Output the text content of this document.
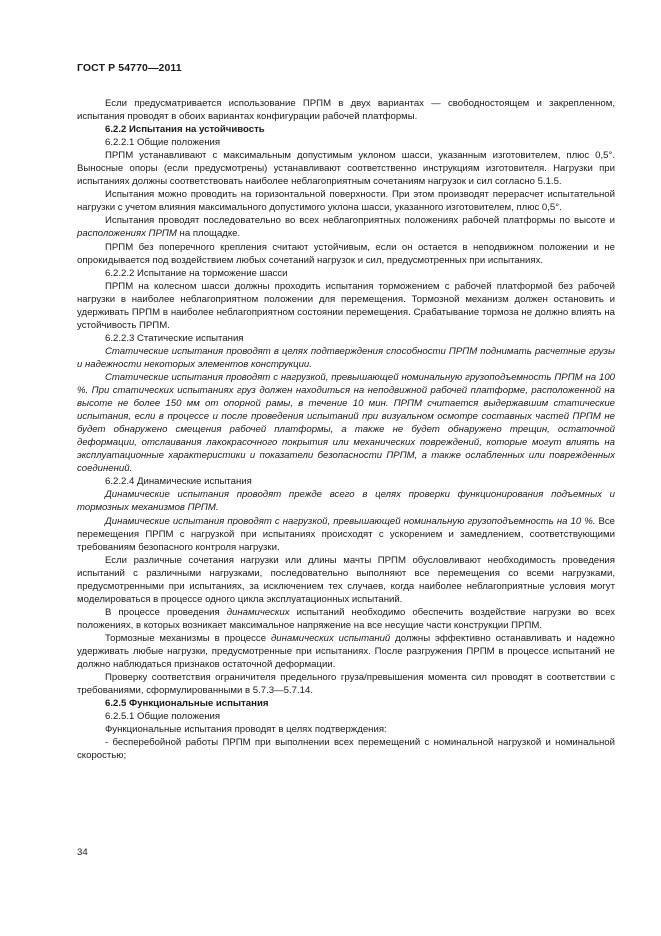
ГОСТ Р 54770—2011

Если предусматривается использование ПРПМ в двух вариантах — свободностоящем и закрепленном, испытания проводят в обоих вариантах конфигурации рабочей платформы.

6.2.2 Испытания на устойчивость

6.2.2.1 Общие положения

ПРПМ устанавливают с максимальным допустимым уклоном шасси, указанным изготовителем, плюс 0,5°. Выносные опоры (если предусмотрены) устанавливают соответственно инструкциям изготовителя. Нагрузки при испытаниях должны соответствовать наиболее неблагоприятным сочетаниям нагрузок и сил согласно 5.1.5.

Испытания можно проводить на горизонтальной поверхности. При этом производят перерасчет испытательной нагрузки с учетом влияния максимального допустимого уклона шасси, указанного изготовителем, плюс 0,5°.

Испытания проводят последовательно во всех неблагоприятных положениях рабочей платформы по высоте и расположениях ПРПМ на площадке.

ПРПМ без поперечного крепления считают устойчивым, если он остается в неподвижном положении и не опрокидывается под воздействием любых сочетаний нагрузок и сил, предусмотренных при испытаниях.

6.2.2.2 Испытание на торможение шасси

ПРПМ на колесном шасси должны проходить испытания торможением с рабочей платформой без рабочей нагрузки в наиболее неблагоприятном положении для перемещения. Тормозной механизм должен остановить и удерживать ПРПМ в наиболее неблагоприятном состоянии перемещения. Срабатывание тормоза не должно влиять на устойчивость ПРПМ.

6.2.2.3 Статические испытания

Статические испытания проводят в целях подтверждения способности ПРПМ поднимать расчетные грузы и надежности некоторых элементов конструкции.

Статические испытания проводят с нагрузкой, превышающей номинальную грузоподъемность ПРПМ на 100 %. При статических испытаниях груз должен находиться на неподвижной рабочей платформе, расположенной на высоте не более 150 мм от опорной рамы, в течение 10 мин. ПРПМ считается выдержавшим статические испытания, если в процессе и после проведения испытаний при визуальном осмотре составных частей ПРПМ не будет обнаружено смещения рабочей платформы, а также не будет обнаружено трещин, остаточной деформации, отслаивания лакокрасочного покрытия или механических повреждений, которые могут влиять на эксплуатационные характеристики и показатели безопасности ПРПМ, а также ослабленных или поврежденных соединений.

6.2.2.4 Динамические испытания

Динамические испытания проводят прежде всего в целях проверки функционирования подъемных и тормозных механизмов ПРПМ.

Динамические испытания проводят с нагрузкой, превышающей номинальную грузоподъемность на 10 %. Все перемещения ПРПМ с нагрузкой при испытаниях происходят с ускорением и замедлением, соответствующими требованиям безопасного контроля нагрузки.

Если различные сочетания нагрузки или длины мачты ПРПМ обусловливают необходимость проведения испытаний с различными нагрузками, последовательно выполняют все перемещения со всеми нагрузками, предусмотренными при испытаниях, за исключением тех случаев, когда наиболее неблагоприятные условия могут моделироваться в процессе одного цикла эксплуатационных испытаний.

В процессе проведения динамических испытаний необходимо обеспечить воздействие нагрузки во всех положениях, в которых возникает максимальное напряжение на все несущие части конструкции ПРПМ.

Тормозные механизмы в процессе динамических испытаний должны эффективно останавливать и надежно удерживать любые нагрузки, предусмотренные при испытаниях. После разгружения ПРПМ в процессе испытаний не должно наблюдаться признаков остаточной деформации.

Проверку соответствия ограничителя предельного груза/превышения момента сил проводят в соответствии с требованиями, сформулированными в 5.7.3—5.7.14.

6.2.5 Функциональные испытания

6.2.5.1 Общие положения

Функциональные испытания проводят в целях подтверждения:

- бесперебойной работы ПРПМ при выполнении всех перемещений с номинальной нагрузкой и номинальной скоростью;

34
